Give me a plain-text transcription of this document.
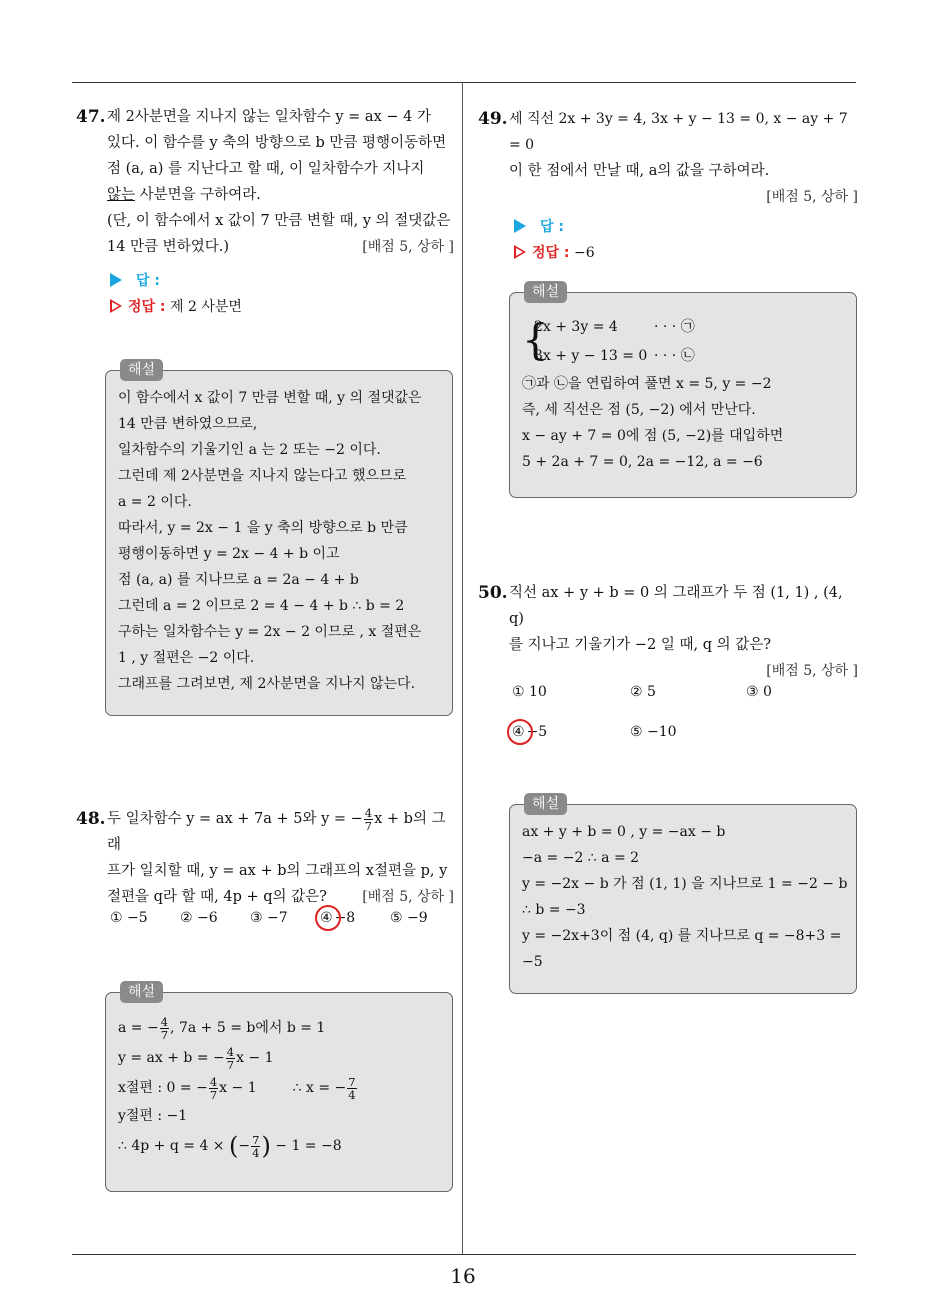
16
47. 제 2사분면을 지나지 않는 일차함수 y = ax − 4 가
있다. 이 함수를 y 축의 방향으로 b 만큼 평행이동하면
점 (a, a) 를 지난다고 할 때, 이 일차함수가 지나지
않는 사분면을 구하여라.
(단, 이 함수에서 x 값이 7 만큼 변할 때, y 의 절댓값은
14 만큼 변하였다.)	[배점 5, 상하 ]
답 :
정답 : 제 2 사분면
해설
이 함수에서 x 값이 7 만큼 변할 때, y 의 절댓값은
14 만큼 변하였으므로,
일차함수의 기울기인 a 는 2 또는 −2 이다.
그런데 제 2사분면을 지나지 않는다고 했으므로
a = 2 이다.
따라서, y = 2x − 1 을 y 축의 방향으로 b 만큼
평행이동하면 y = 2x − 4 + b 이고
점 (a, a) 를 지나므로 a = 2a − 4 + b
그런데 a = 2 이므로 2 = 4 − 4 + b ∴ b = 2
구하는 일차함수는 y = 2x − 2 이므로 , x 절편은
1 , y 절편은 −2 이다.
그래프를 그려보면, 제 2사분면을 지나지 않는다.
48. 두 일차함수 y = ax + 7a + 5와 y = − $\frac{4}{7}$ x + b의 그래
프가 일치할 때, y = ax + b의 그래프의 x절편을 p, y
절편을 q라 할 때, 4p + q의 값은?	[배점 5, 상하 ]
① −5 ② −6 ③ −7 ④ −8 ⑤ −9
해설
a = − $\frac{4}{7}$ , 7a + 5 = b에서 b = 1
y = ax + b = − $\frac{4}{7}$ x − 1
x절편 : 0 = − $\frac{4}{7}$ x − 1	∴ x = − $\frac{7}{4}$
y절편 : −1
∴ 4p + q = 4 × (− $\frac{7}{4}$ ) − 1 = −8
49. 세 직선 2x + 3y = 4, 3x + y − 13 = 0, x − ay + 7 = 0
이 한 점에서 만날 때, a의 값을 구하여라.
[배점 5, 상하 ]
답 :
정답 : −6
해설
{
2x + 3y = 4	· · · ㉠
3x + y − 13 = 0 · · · ㉡
㉠과 ㉡을 연립하여 풀면 x = 5, y = −2
즉, 세 직선은 점 (5, −2) 에서 만난다.
x − ay + 7 = 0에 점 (5, −2)를 대입하면
5 + 2a + 7 = 0, 2a = −12, a = −6
50. 직선 ax + y + b = 0 의 그래프가 두 점 (1, 1) , (4, q)
를 지나고 기울기가 −2 일 때, q 의 값은?
[배점 5, 상하 ]
① 10	② 5	③ 0
④ −5	⑤ −10
해설
ax + y + b = 0 , y = −ax − b
−a = −2 ∴ a = 2
y = −2x − b 가 점 (1, 1) 을 지나므로 1 = −2 − b
∴ b = −3
y = −2x+3이 점 (4, q) 를 지나므로 q = −8+3 =
−5
